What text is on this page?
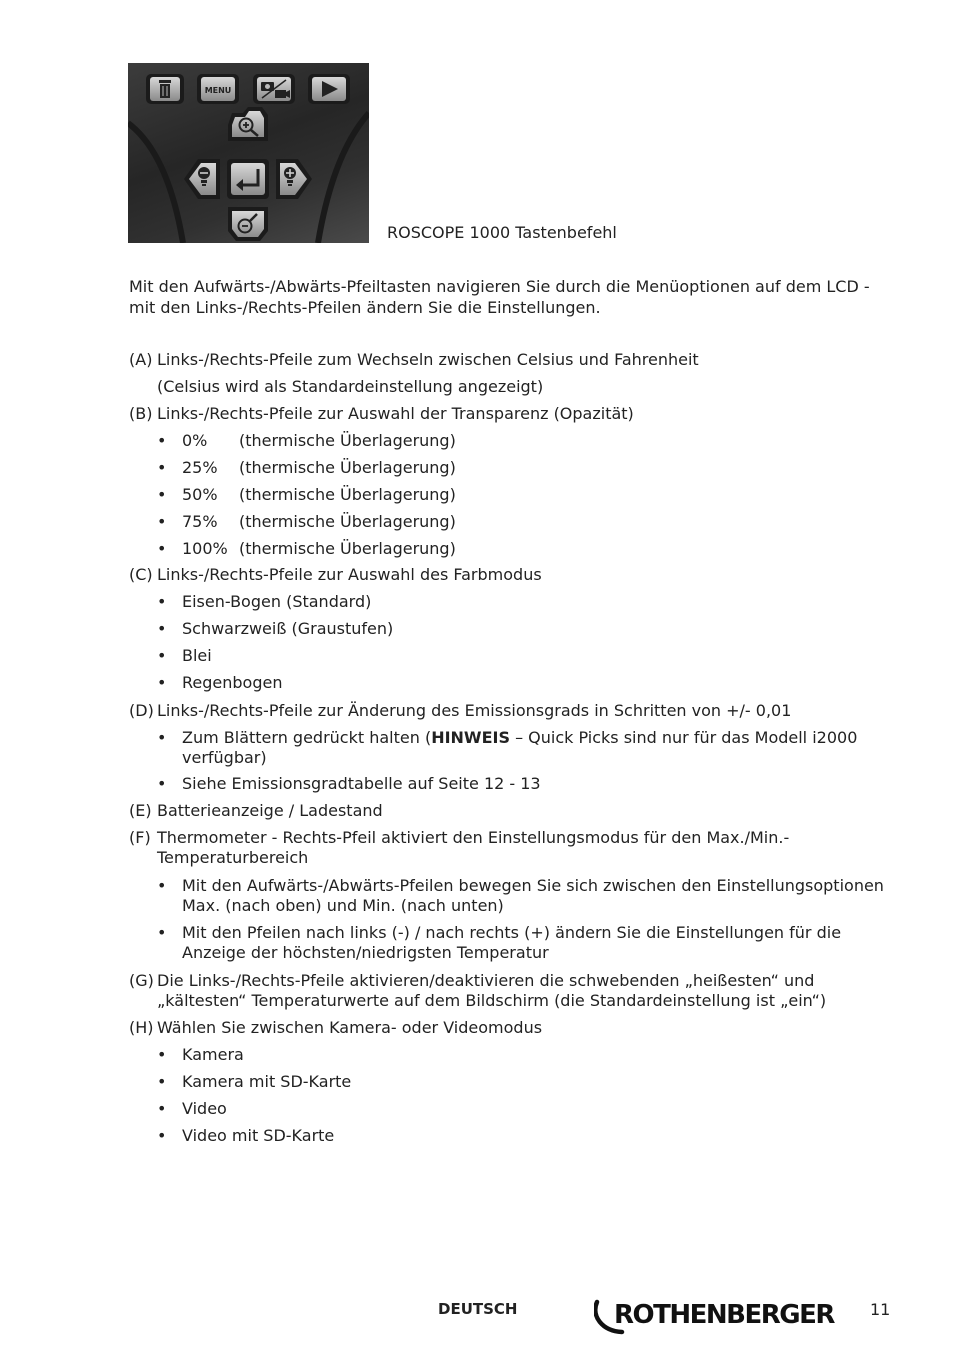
MENU
ROSCOPE 1000 Tastenbefehl
Mit den Aufwärts-/Abwärts-Pfeiltasten navigieren Sie durch die Menüoptionen auf dem LCD - mit den Links-/Rechts-Pfeilen ändern Sie die Einstellungen.
(A) Links-/Rechts-Pfeile zum Wechseln zwischen Celsius und Fahrenheit
(Celsius wird als Standardeinstellung angezeigt)
(B) Links-/Rechts-Pfeile zur Auswahl der Transparenz (Opazität)
• 0% (thermische Überlagerung)
• 25% (thermische Überlagerung)
• 50% (thermische Überlagerung)
• 75% (thermische Überlagerung)
• 100% (thermische Überlagerung)
(C) Links-/Rechts-Pfeile zur Auswahl des Farbmodus
• Eisen-Bogen (Standard)
• Schwarzweiß (Graustufen)
• Blei
• Regenbogen
(D) Links-/Rechts-Pfeile zur Änderung des Emissionsgrads in Schritten von +/- 0,01
• Zum Blättern gedrückt halten (HINWEIS – Quick Picks sind nur für das Modell i2000 verfügbar)
• Siehe Emissionsgradtabelle auf Seite 12 - 13
(E) Batterieanzeige / Ladestand
(F) Thermometer - Rechts-Pfeil aktiviert den Einstellungsmodus für den Max./Min.-Temperaturbereich
• Mit den Aufwärts-/Abwärts-Pfeilen bewegen Sie sich zwischen den Einstellungsoptionen Max. (nach oben) und Min. (nach unten)
• Mit den Pfeilen nach links (-) / nach rechts (+) ändern Sie die Einstellungen für die Anzeige der höchsten/niedrigsten Temperatur
(G) Die Links-/Rechts-Pfeile aktivieren/deaktivieren die schwebenden „heißesten“ und „kältesten“ Temperaturwerte auf dem Bildschirm (die Standardeinstellung ist „ein“)
(H) Wählen Sie zwischen Kamera- oder Videomodus
• Kamera
• Kamera mit SD-Karte
• Video
• Video mit SD-Karte
DEUTSCH	ROTHENBERGER 11
